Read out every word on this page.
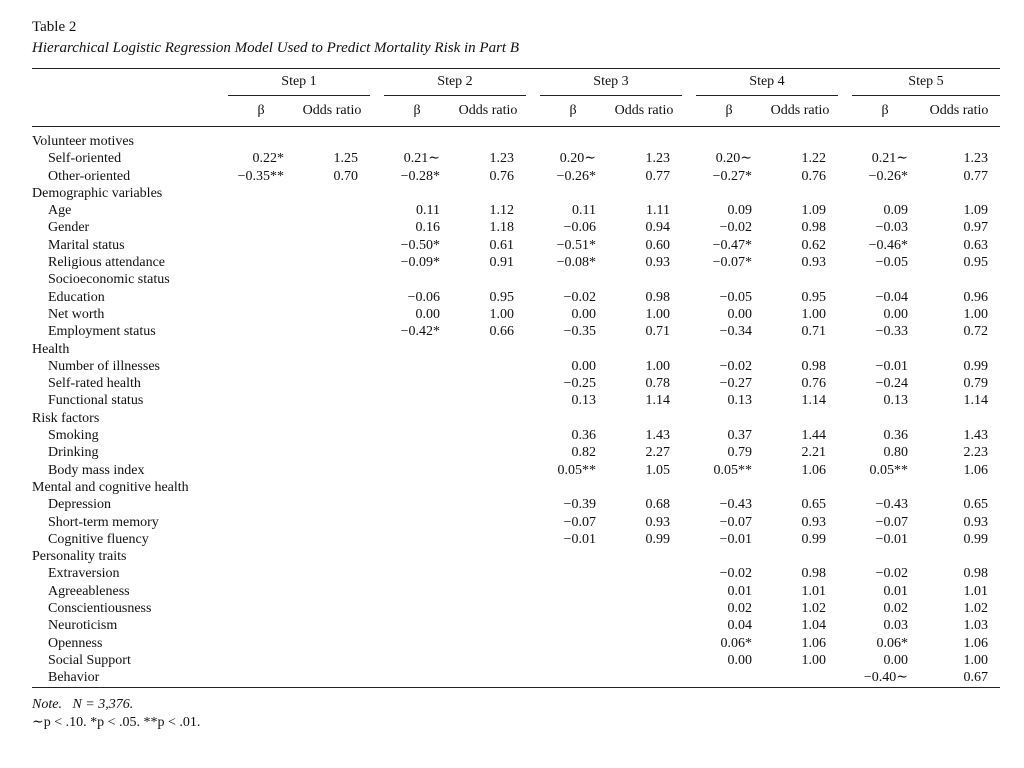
Table 2
Hierarchical Logistic Regression Model Used to Predict Mortality Risk in Part B
	Step 1			Step 2			Step 3			Step 4			Step 5	
	β	Odds ratio		β	Odds ratio		β	Odds ratio		β	Odds ratio		β	Odds ratio
Volunteer motives														
Self-oriented	0.22*	1.25		0.21∼	1.23		0.20∼	1.23		0.20∼	1.22		0.21∼	1.23
Other-oriented	−0.35**	0.70		−0.28*	0.76		−0.26*	0.77		−0.27*	0.76		−0.26*	0.77
Demographic variables														
Age				0.11	1.12		0.11	1.11		0.09	1.09		0.09	1.09
Gender				0.16	1.18		−0.06	0.94		−0.02	0.98		−0.03	0.97
Marital status				−0.50*	0.61		−0.51*	0.60		−0.47*	0.62		−0.46*	0.63
Religious attendance				−0.09*	0.91		−0.08*	0.93		−0.07*	0.93		−0.05	0.95
Socioeconomic status														
Education				−0.06	0.95		−0.02	0.98		−0.05	0.95		−0.04	0.96
Net worth				0.00	1.00		0.00	1.00		0.00	1.00		0.00	1.00
Employment status				−0.42*	0.66		−0.35	0.71		−0.34	0.71		−0.33	0.72
Health														
Number of illnesses							0.00	1.00		−0.02	0.98		−0.01	0.99
Self-rated health							−0.25	0.78		−0.27	0.76		−0.24	0.79
Functional status							0.13	1.14		0.13	1.14		0.13	1.14
Risk factors														
Smoking							0.36	1.43		0.37	1.44		0.36	1.43
Drinking							0.82	2.27		0.79	2.21		0.80	2.23
Body mass index							0.05**	1.05		0.05**	1.06		0.05**	1.06
Mental and cognitive health														
Depression							−0.39	0.68		−0.43	0.65		−0.43	0.65
Short-term memory							−0.07	0.93		−0.07	0.93		−0.07	0.93
Cognitive fluency							−0.01	0.99		−0.01	0.99		−0.01	0.99
Personality traits														
Extraversion										−0.02	0.98		−0.02	0.98
Agreeableness										0.01	1.01		0.01	1.01
Conscientiousness										0.02	1.02		0.02	1.02
Neuroticism										0.04	1.04		0.03	1.03
Openness										0.06*	1.06		0.06*	1.06
Social Support										0.00	1.00		0.00	1.00
Behavior													−0.40∼	0.67
Note. N = 3,376.
∼p < .10. *p < .05. **p < .01.
